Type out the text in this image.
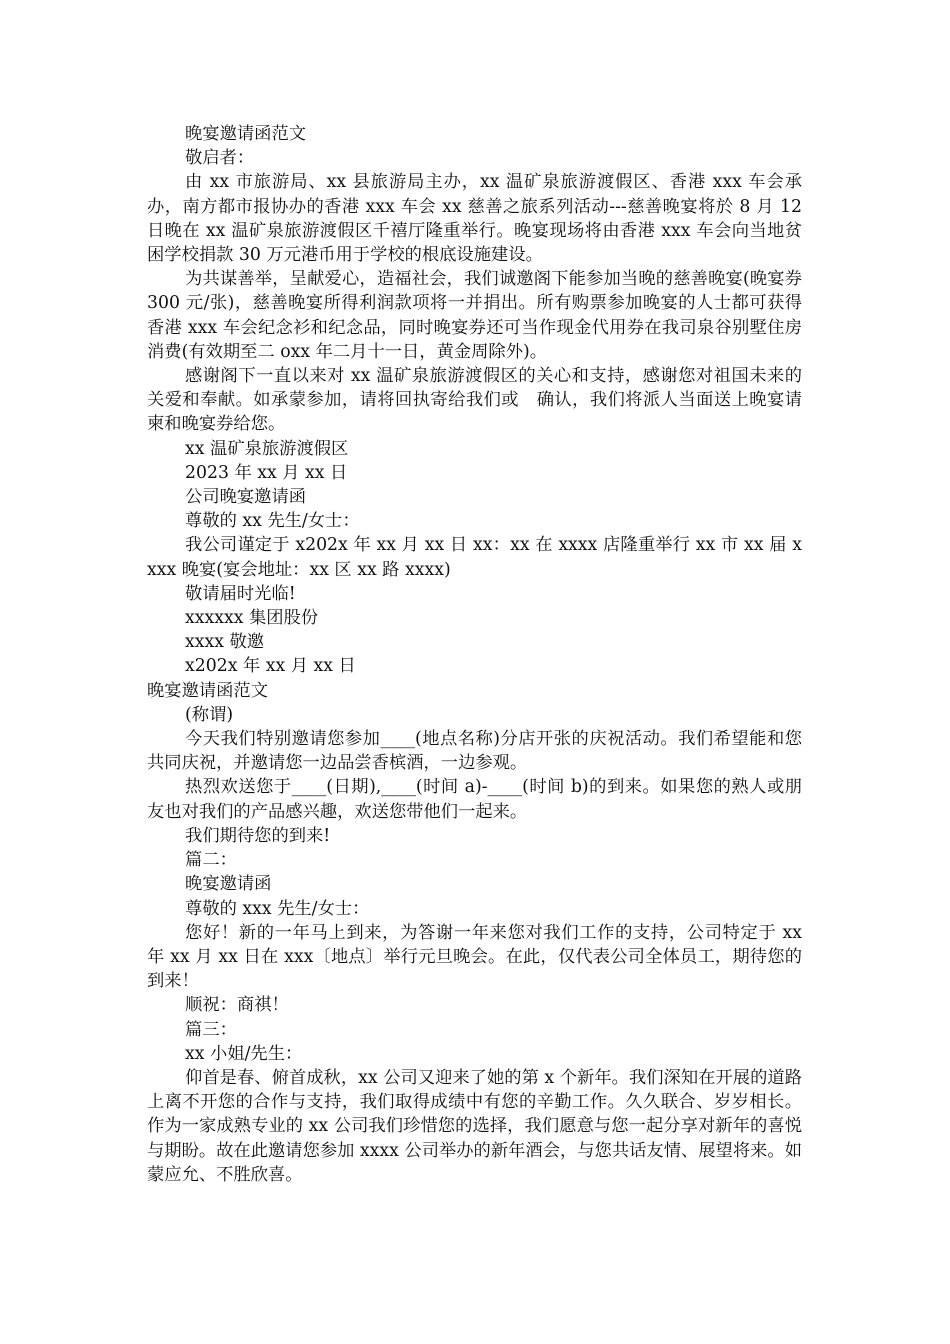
晚宴邀请函范文

敬启者：

由 xx 市旅游局、xx 县旅游局主办，xx 温矿泉旅游渡假区、香港 xxx 车会承办，南方都市报协办的香港 xxx 车会 xx 慈善之旅系列活动---慈善晚宴将於 8 月 12 日晚在 xx 温矿泉旅游渡假区千禧厅隆重举行。晚宴现场将由香港 xxx 车会向当地贫困学校捐款 30 万元港币用于学校的根底设施建设。

为共谋善举，呈献爱心，造福社会，我们诚邀阁下能参加当晚的慈善晚宴(晚宴券 300 元/张)，慈善晚宴所得利润款项将一并捐出。所有购票参加晚宴的人士都可获得香港 xxx 车会纪念衫和纪念品，同时晚宴券还可当作现金代用券在我司泉谷别墅住房消费(有效期至二 oxx 年二月十一日，黄金周除外)。

感谢阁下一直以来对 xx 温矿泉旅游渡假区的关心和支持，感谢您对祖国未来的关爱和奉献。如承蒙参加，请将回执寄给我们或　确认，我们将派人当面送上晚宴请柬和晚宴券给您。

xx 温矿泉旅游渡假区

2023 年 xx 月 xx 日

公司晚宴邀请函

尊敬的 xx 先生/女士：

我公司谨定于 x202x 年 xx 月 xx 日 xx：xx 在 xxxx 店隆重举行 xx 市 xx 届 xxxx 晚宴(宴会地址：xx 区 xx 路 xxxx)

敬请届时光临!

xxxxxx 集团股份

xxxx 敬邀

x202x 年 xx 月 xx 日

晚宴邀请函范文

(称谓)

今天我们特别邀请您参加____(地点名称)分店开张的庆祝活动。我们希望能和您共同庆祝，并邀请您一边品尝香槟酒，一边参观。

热烈欢送您于____(日期),____(时间 a)-____(时间 b)的到来。如果您的熟人或朋友也对我们的产品感兴趣，欢送您带他们一起来。

我们期待您的到来!

篇二：

晚宴邀请函

尊敬的 xxx 先生/女士：

您好！新的一年马上到来，为答谢一年来您对我们工作的支持，公司特定于 xx 年 xx 月 xx 日在 xxx〔地点〕举行元旦晚会。在此，仅代表公司全体员工，期待您的到来！

顺祝：商祺！

篇三：

xx 小姐/先生：

仰首是春、俯首成秋，xx 公司又迎来了她的第 x 个新年。我们深知在开展的道路上离不开您的合作与支持，我们取得成绩中有您的辛勤工作。久久联合、岁岁相长。作为一家成熟专业的 xx 公司我们珍惜您的选择，我们愿意与您一起分享对新年的喜悦与期盼。故在此邀请您参加 xxxx 公司举办的新年酒会，与您共话友情、展望将来。如蒙应允、不胜欣喜。
